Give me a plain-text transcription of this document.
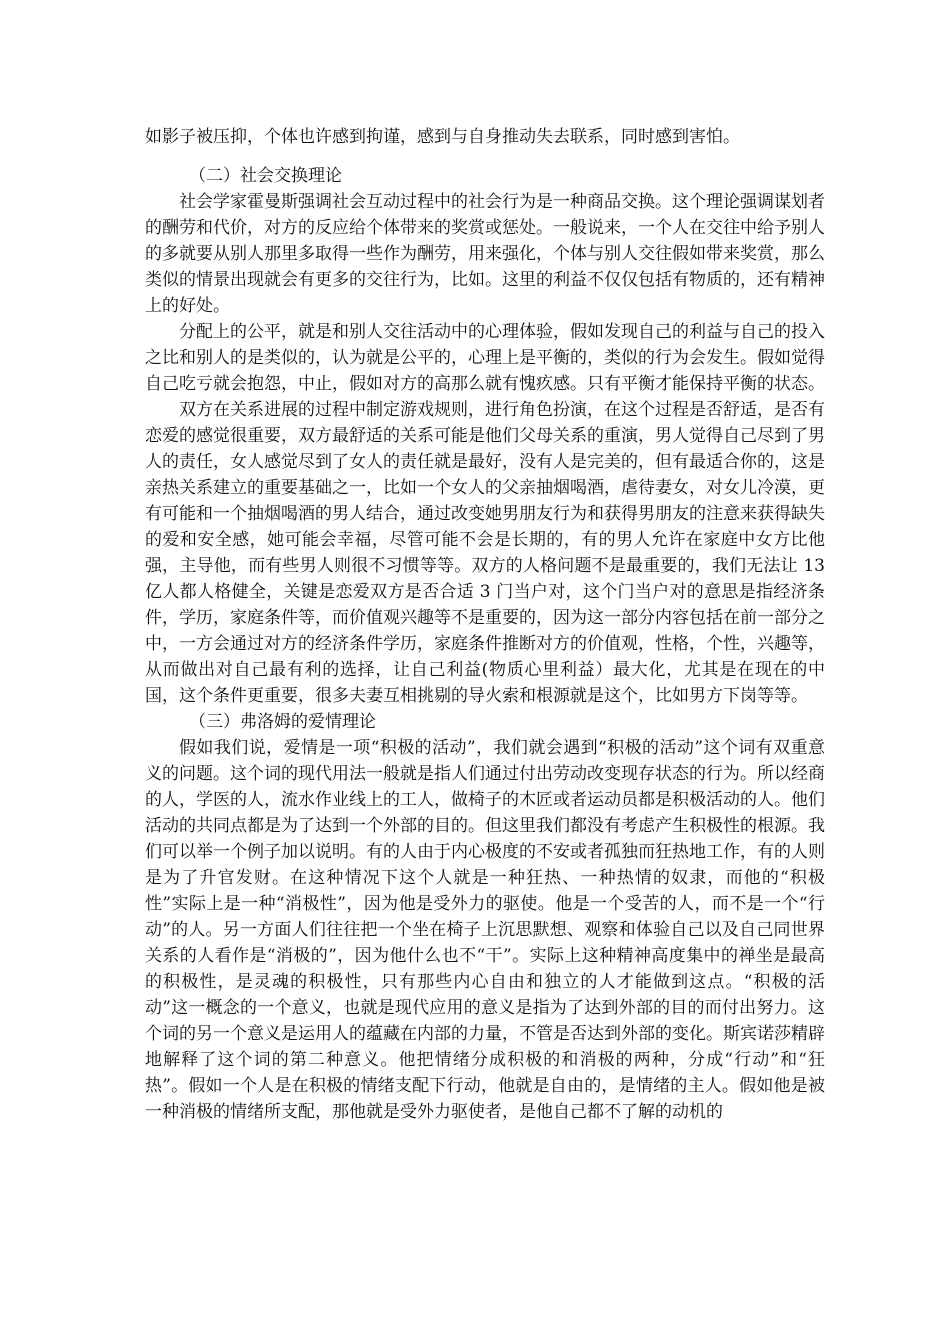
如影子被压抑，个体也许感到拘谨，感到与自身推动失去联系，同时感到害怕。

（二）社会交换理论

社会学家霍曼斯强调社会互动过程中的社会行为是一种商品交换。这个理论强调谋划者的酬劳和代价，对方的反应给个体带来的奖赏或惩处。一般说来，一个人在交往中给予别人的多就要从别人那里多取得一些作为酬劳，用来强化，个体与别人交往假如带来奖赏，那么类似的情景出现就会有更多的交往行为，比如。这里的利益不仅仅包括有物质的，还有精神上的好处。

分配上的公平，就是和别人交往活动中的心理体验，假如发现自己的利益与自己的投入之比和别人的是类似的，认为就是公平的，心理上是平衡的，类似的行为会发生。假如觉得自己吃亏就会抱怨，中止，假如对方的高那么就有愧疚感。只有平衡才能保持平衡的状态。

双方在关系进展的过程中制定游戏规则，进行角色扮演，在这个过程是否舒适，是否有恋爱的感觉很重要，双方最舒适的关系可能是他们父母关系的重演，男人觉得自己尽到了男人的责任，女人感觉尽到了女人的责任就是最好，没有人是完美的，但有最适合你的，这是亲热关系建立的重要基础之一，比如一个女人的父亲抽烟喝酒，虐待妻女，对女儿冷漠，更有可能和一个抽烟喝酒的男人结合，通过改变她男朋友行为和获得男朋友的注意来获得缺失的爱和安全感，她可能会幸福，尽管可能不会是长期的，有的男人允许在家庭中女方比他强，主导他，而有些男人则很不习惯等等。双方的人格问题不是最重要的，我们无法让 13 亿人都人格健全，关键是恋爱双方是否合适 3 门当户对，这个门当户对的意思是指经济条件，学历，家庭条件等，而价值观兴趣等不是重要的，因为这一部分内容包括在前一部分之中，一方会通过对方的经济条件学历，家庭条件推断对方的价值观，性格，个性，兴趣等，从而做出对自己最有利的选择，让自己利益(物质心里利益）最大化，尤其是在现在的中国，这个条件更重要，很多夫妻互相挑剔的导火索和根源就是这个，比如男方下岗等等。

（三）弗洛姆的爱情理论

假如我们说，爱情是一项“积极的活动”，我们就会遇到“积极的活动”这个词有双重意义的问题。这个词的现代用法一般就是指人们通过付出劳动改变现存状态的行为。所以经商的人，学医的人，流水作业线上的工人，做椅子的木匠或者运动员都是积极活动的人。他们活动的共同点都是为了达到一个外部的目的。但这里我们都没有考虑产生积极性的根源。我们可以举一个例子加以说明。有的人由于内心极度的不安或者孤独而狂热地工作，有的人则是为了升官发财。在这种情况下这个人就是一种狂热、一种热情的奴隶，而他的“积极性”实际上是一种“消极性”，因为他是受外力的驱使。他是一个受苦的人，而不是一个“行动”的人。另一方面人们往往把一个坐在椅子上沉思默想、观察和体验自己以及自己同世界关系的人看作是“消极的”，因为他什么也不“干”。实际上这种精神高度集中的禅坐是最高的积极性，是灵魂的积极性，只有那些内心自由和独立的人才能做到这点。“积极的活动”这一概念的一个意义，也就是现代应用的意义是指为了达到外部的目的而付出努力。这个词的另一个意义是运用人的蕴藏在内部的力量，不管是否达到外部的变化。斯宾诺莎精辟地解释了这个词的第二种意义。他把情绪分成积极的和消极的两种，分成“行动”和“狂热”。假如一个人是在积极的情绪支配下行动，他就是自由的，是情绪的主人。假如他是被一种消极的情绪所支配，那他就是受外力驱使者，是他自己都不了解的动机的
